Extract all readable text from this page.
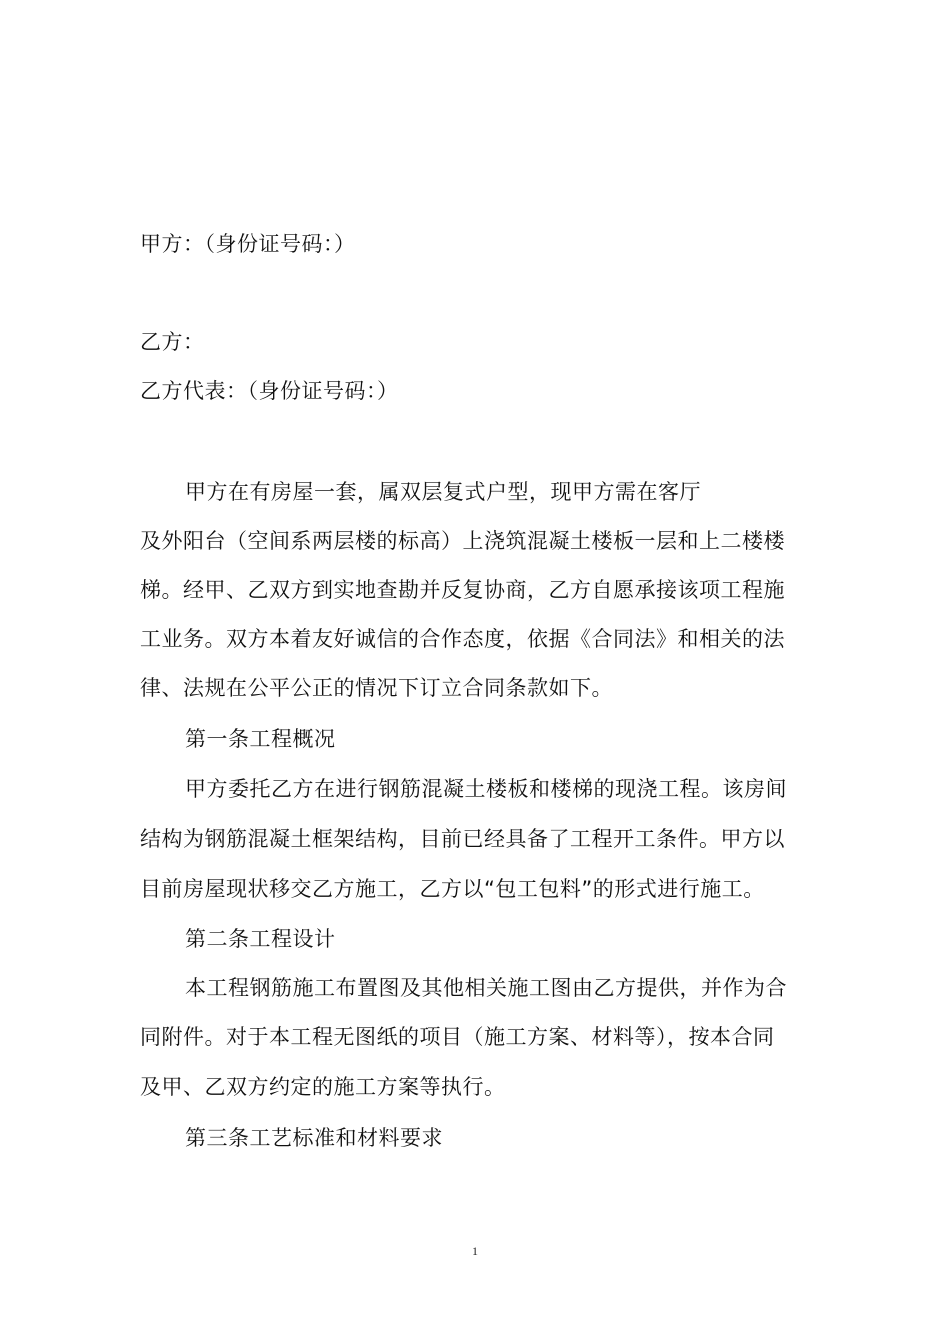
甲方：（身份证号码：）
乙方：
乙方代表：（身份证号码：）
甲方在有房屋一套，属双层复式户型，现甲方需在客厅
及外阳台（空间系两层楼的标高）上浇筑混凝土楼板一层和上二楼楼
梯。经甲、乙双方到实地查勘并反复协商，乙方自愿承接该项工程施
工业务。双方本着友好诚信的合作态度，依据《合同法》和相关的法
律、法规在公平公正的情况下订立合同条款如下。
第一条工程概况
甲方委托乙方在进行钢筋混凝土楼板和楼梯的现浇工程。该房间
结构为钢筋混凝土框架结构，目前已经具备了工程开工条件。甲方以
目前房屋现状移交乙方施工，乙方以“包工包料”的形式进行施工。
第二条工程设计
本工程钢筋施工布置图及其他相关施工图由乙方提供，并作为合
同附件。对于本工程无图纸的项目（施工方案、材料等），按本合同
及甲、乙双方约定的施工方案等执行。
第三条工艺标准和材料要求
1
